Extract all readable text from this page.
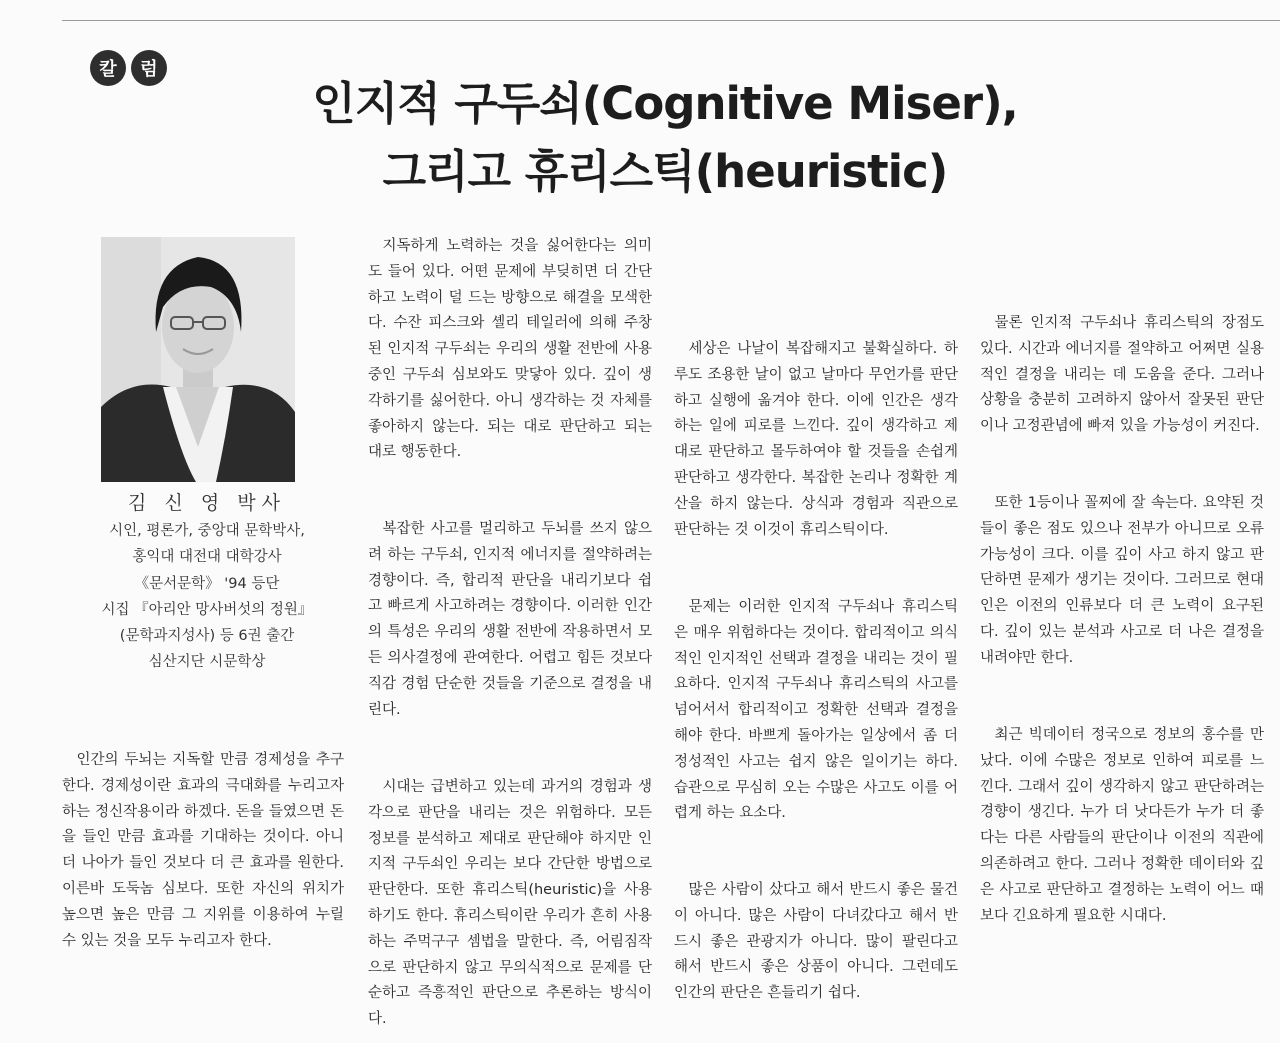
칼	럼
인지적 구두쇠(Cognitive Miser),
그리고 휴리스틱(heuristic)

김 신 영 박사

시인, 평론가, 중앙대 문학박사,
홍익대 대전대 대학강사
《문서문학》 '94 등단
시집 『아리안 망사버섯의 정원』
(문학과지성사) 등 6권 출간
심산지단 시문학상

인간의 두뇌는 지독할 만큼 경제성을 추구한다. 경제성이란 효과의 극대화를 누리고자 하는 정신작용이라 하겠다. 돈을 들였으면 돈을 들인 만큼 효과를 기대하는 것이다. 아니 더 나아가 들인 것보다 더 큰 효과를 원한다. 이른바 도둑놈 심보다. 또한 자신의 위치가 높으면 높은 만큼 그 지위를 이용하여 누릴 수 있는 것을 모두 누리고자 한다.

지독하게 노력하는 것을 싫어한다는 의미도 들어 있다. 어떤 문제에 부딪히면 더 간단하고 노력이 덜 드는 방향으로 해결을 모색한다. 수잔 피스크와 셸리 테일러에 의해 주창된 인지적 구두쇠는 우리의 생활 전반에 사용 중인 구두쇠 심보와도 맞닿아 있다. 깊이 생각하기를 싫어한다. 아니 생각하는 것 자체를 좋아하지 않는다. 되는 대로 판단하고 되는 대로 행동한다.

복잡한 사고를 멀리하고 두뇌를 쓰지 않으려 하는 구두쇠, 인지적 에너지를 절약하려는 경향이다. 즉, 합리적 판단을 내리기보다 쉽고 빠르게 사고하려는 경향이다. 이러한 인간의 특성은 우리의 생활 전반에 작용하면서 모든 의사결정에 관여한다. 어렵고 힘든 것보다 직감 경험 단순한 것들을 기준으로 결정을 내린다.

시대는 급변하고 있는데 과거의 경험과 생각으로 판단을 내리는 것은 위험하다. 모든 정보를 분석하고 제대로 판단해야 하지만 인지적 구두쇠인 우리는 보다 간단한 방법으로 판단한다. 또한 휴리스틱(heuristic)을 사용하기도 한다. 휴리스틱이란 우리가 흔히 사용하는 주먹구구 셈법을 말한다. 즉, 어림짐작으로 판단하지 않고 무의식적으로 문제를 단순하고 즉흥적인 판단으로 추론하는 방식이다.

세상은 나날이 복잡해지고 불확실하다. 하루도 조용한 날이 없고 날마다 무언가를 판단하고 실행에 옮겨야 한다. 이에 인간은 생각하는 일에 피로를 느낀다. 깊이 생각하고 제대로 판단하고 몰두하여야 할 것들을 손쉽게 판단하고 생각한다. 복잡한 논리나 정확한 계산을 하지 않는다. 상식과 경험과 직관으로 판단하는 것 이것이 휴리스틱이다.

문제는 이러한 인지적 구두쇠나 휴리스틱은 매우 위험하다는 것이다. 합리적이고 의식적인 인지적인 선택과 결정을 내리는 것이 필요하다. 인지적 구두쇠나 휴리스틱의 사고를 넘어서서 합리적이고 정확한 선택과 결정을 해야 한다. 바쁘게 돌아가는 일상에서 좀 더 정성적인 사고는 쉽지 않은 일이기는 하다. 습관으로 무심히 오는 수많은 사고도 이를 어렵게 하는 요소다.

많은 사람이 샀다고 해서 반드시 좋은 물건이 아니다. 많은 사람이 다녀갔다고 해서 반드시 좋은 관광지가 아니다. 많이 팔린다고 해서 반드시 좋은 상품이 아니다. 그런데도 인간의 판단은 흔들리기 쉽다.

물론 인지적 구두쇠나 휴리스틱의 장점도 있다. 시간과 에너지를 절약하고 어쩌면 실용적인 결정을 내리는 데 도움을 준다. 그러나 상황을 충분히 고려하지 않아서 잘못된 판단이나 고정관념에 빠져 있을 가능성이 커진다.

또한 1등이나 꼴찌에 잘 속는다. 요약된 것들이 좋은 점도 있으나 전부가 아니므로 오류 가능성이 크다. 이를 깊이 사고 하지 않고 판단하면 문제가 생기는 것이다. 그러므로 현대인은 이전의 인류보다 더 큰 노력이 요구된다. 깊이 있는 분석과 사고로 더 나은 결정을 내려야만 한다.

최근 빅데이터 정국으로 정보의 홍수를 만났다. 이에 수많은 정보로 인하여 피로를 느낀다. 그래서 깊이 생각하지 않고 판단하려는 경향이 생긴다. 누가 더 낫다든가 누가 더 좋다는 다른 사람들의 판단이나 이전의 직관에 의존하려고 한다. 그러나 정확한 데이터와 깊은 사고로 판단하고 결정하는 노력이 어느 때보다 긴요하게 필요한 시대다.
